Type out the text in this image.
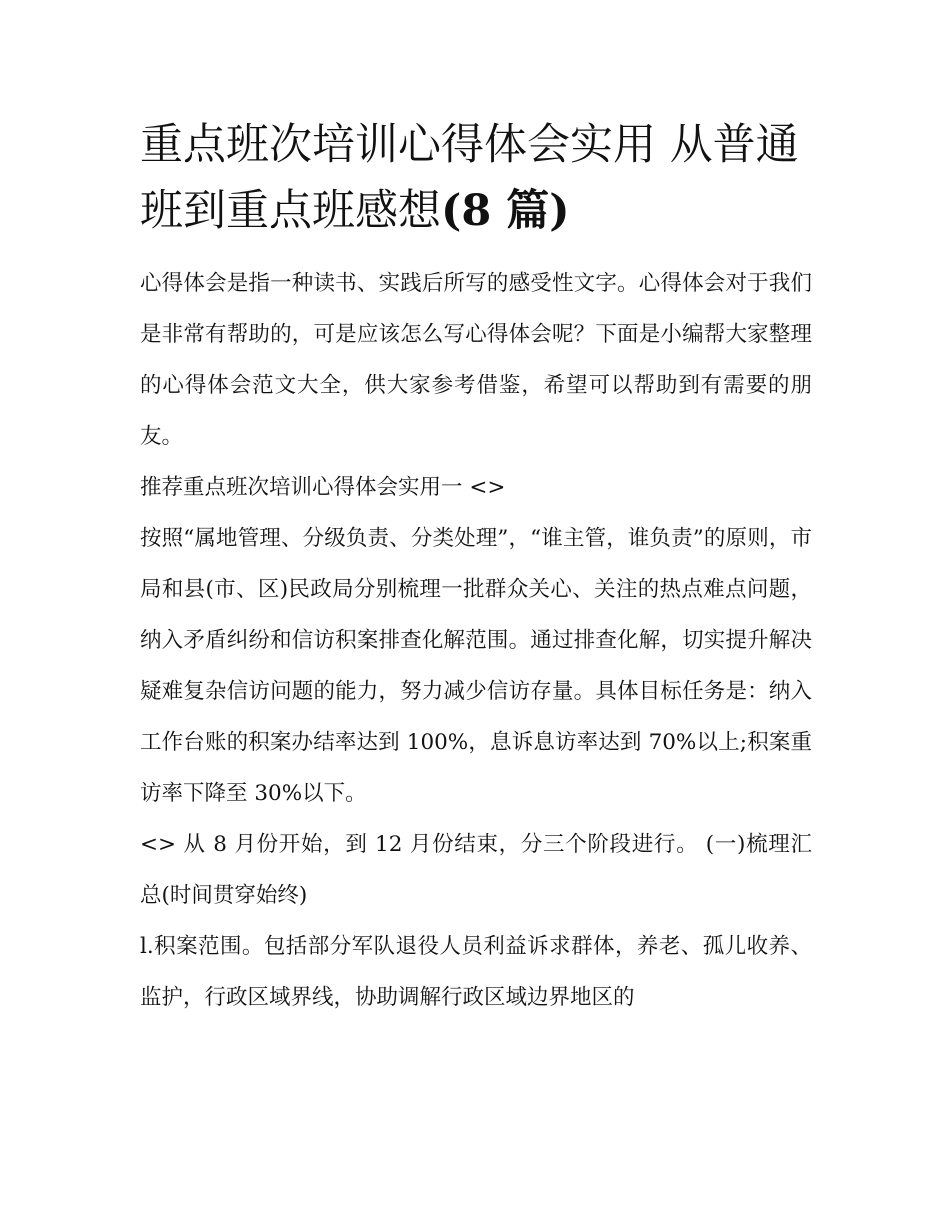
重点班次培训心得体会实用 从普通班到重点班感想(8 篇)

心得体会是指一种读书、实践后所写的感受性文字。心得体会对于我们是非常有帮助的，可是应该怎么写心得体会呢？下面是小编帮大家整理的心得体会范文大全，供大家参考借鉴，希望可以帮助到有需要的朋友。

推荐重点班次培训心得体会实用一 <>

按照“属地管理、分级负责、分类处理”，“谁主管，谁负责”的原则，市局和县(市、区)民政局分别梳理一批群众关心、关注的热点难点问题，纳入矛盾纠纷和信访积案排查化解范围。通过排查化解，切实提升解决疑难复杂信访问题的能力，努力减少信访存量。具体目标任务是：纳入工作台账的积案办结率达到 100%，息诉息访率达到 70%以上;积案重访率下降至 30%以下。

<> 从 8 月份开始，到 12 月份结束，分三个阶段进行。 (一)梳理汇总(时间贯穿始终)

l.积案范围。包括部分军队退役人员利益诉求群体，养老、孤儿收养、监护，行政区域界线，协助调解行政区域边界地区的
